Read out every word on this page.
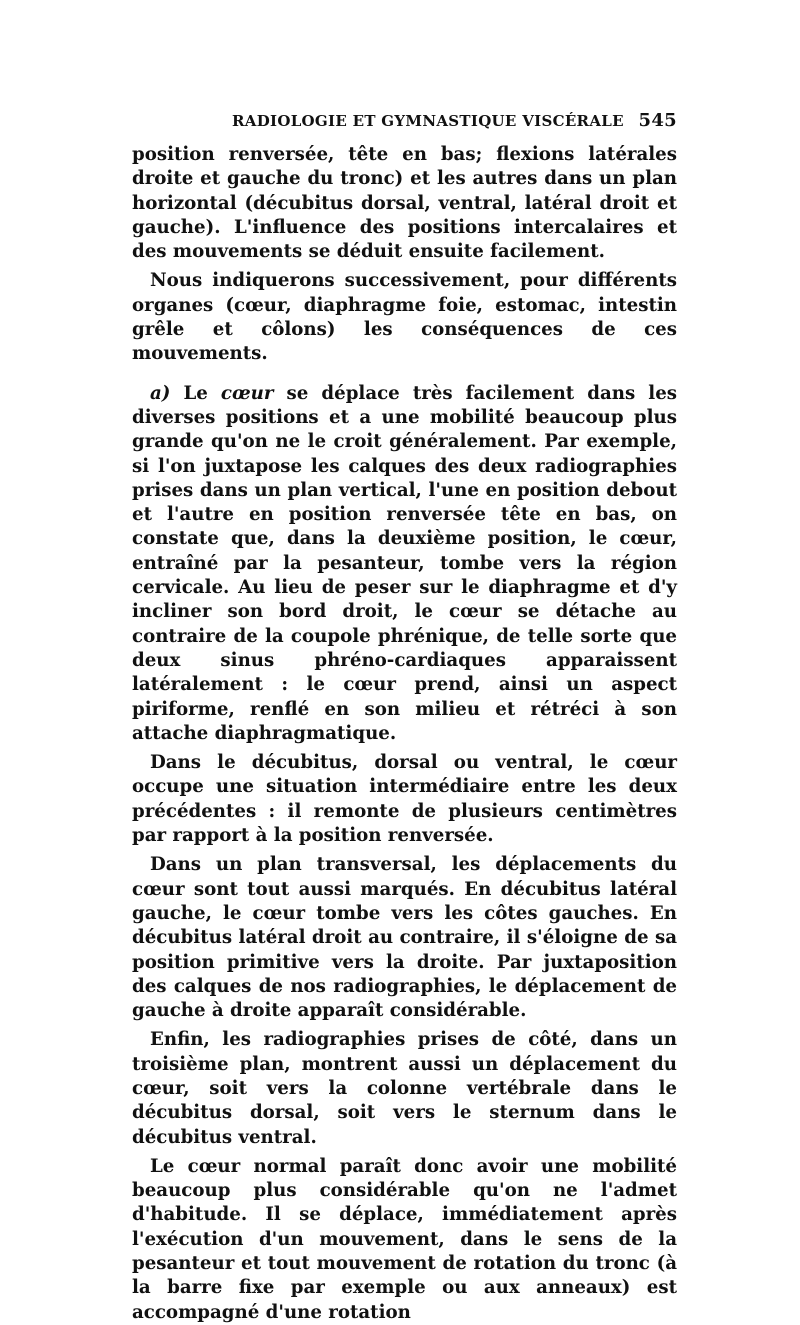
RADIOLOGIE ET GYMNASTIQUE VISCÉRALE 545

position renversée, tête en bas; flexions latérales droite et gauche du tronc) et les autres dans un plan horizontal (décubitus dorsal, ventral, latéral droit et gauche). L'influence des positions intercalaires et des mouvements se déduit ensuite facilement.

Nous indiquerons successivement, pour différents organes (cœur, diaphragme foie, estomac, intestin grêle et côlons) les conséquences de ces mouvements.

a) Le cœur se déplace très facilement dans les diverses positions et a une mobilité beaucoup plus grande qu'on ne le croit généralement. Par exemple, si l'on juxtapose les calques des deux radiographies prises dans un plan vertical, l'une en position debout et l'autre en position renversée tête en bas, on constate que, dans la deuxième position, le cœur, entraîné par la pesanteur, tombe vers la région cervicale. Au lieu de peser sur le diaphragme et d'y incliner son bord droit, le cœur se détache au contraire de la coupole phrénique, de telle sorte que deux sinus phréno-cardiaques apparaissent latéralement : le cœur prend, ainsi un aspect piriforme, renflé en son milieu et rétréci à son attache diaphragmatique.

Dans le décubitus, dorsal ou ventral, le cœur occupe une situation intermédiaire entre les deux précédentes : il remonte de plusieurs centimètres par rapport à la position renversée.

Dans un plan transversal, les déplacements du cœur sont tout aussi marqués. En décubitus latéral gauche, le cœur tombe vers les côtes gauches. En décubitus latéral droit au contraire, il s'éloigne de sa position primitive vers la droite. Par juxtaposition des calques de nos radiographies, le déplacement de gauche à droite apparaît considérable.

Enfin, les radiographies prises de côté, dans un troisième plan, montrent aussi un déplacement du cœur, soit vers la colonne vertébrale dans le décubitus dorsal, soit vers le sternum dans le décubitus ventral.

Le cœur normal paraît donc avoir une mobilité beaucoup plus considérable qu'on ne l'admet d'habitude. Il se déplace, immédiatement après l'exécution d'un mouvement, dans le sens de la pesanteur et tout mouvement de rotation du tronc (à la barre fixe par exemple ou aux anneaux) est accompagné d'une rotation
